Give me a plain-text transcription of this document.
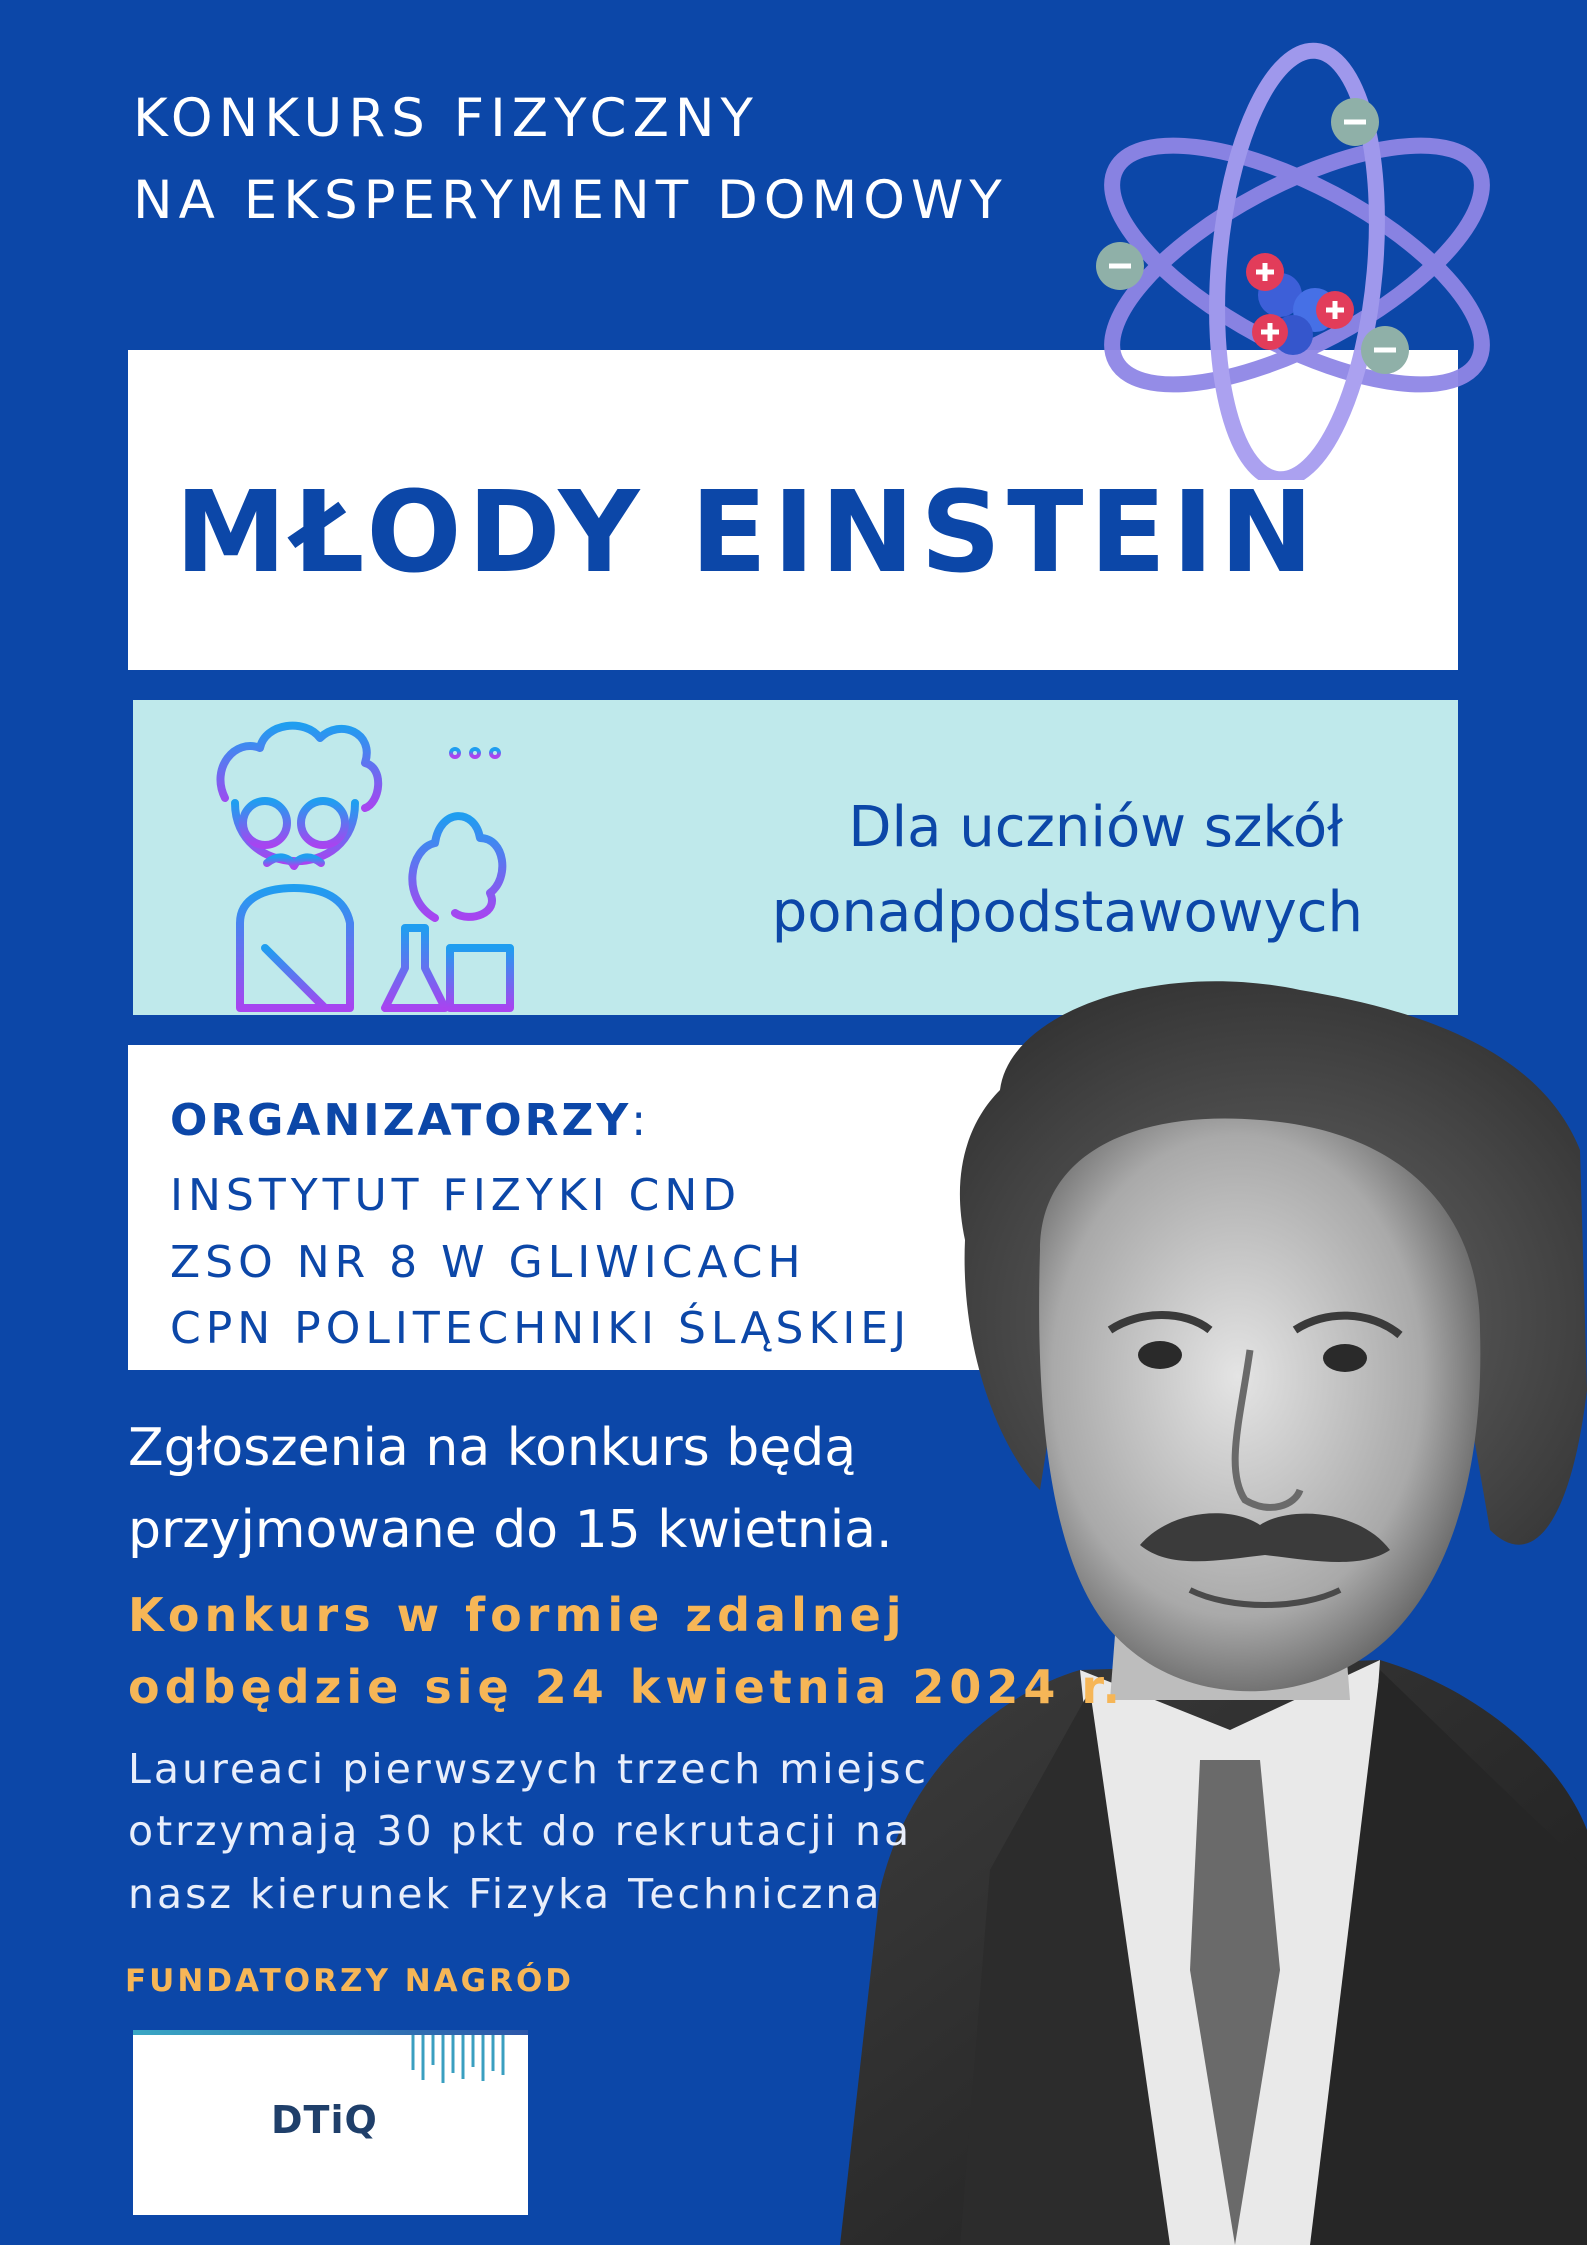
KONKURS FIZYCZNY
NA EKSPERYMENT DOMOWY
MŁODY EINSTEIN
Dla uczniów szkół
ponadpodstawowych
ORGANIZATORZY:
INSTYTUT FIZYKI CND
ZSO NR 8 W GLIWICACH
CPN POLITECHNIKI ŚLĄSKIEJ
Zgłoszenia na konkurs będą
przyjmowane do 15 kwietnia.
Konkurs w formie zdalnej
odbędzie się 24 kwietnia 2024 r.
Laureaci pierwszych trzech miejsc
otrzymają 30 pkt do rekrutacji na
nasz kierunek Fizyka Techniczna
FUNDATORZY NAGRÓD
DTiQ
